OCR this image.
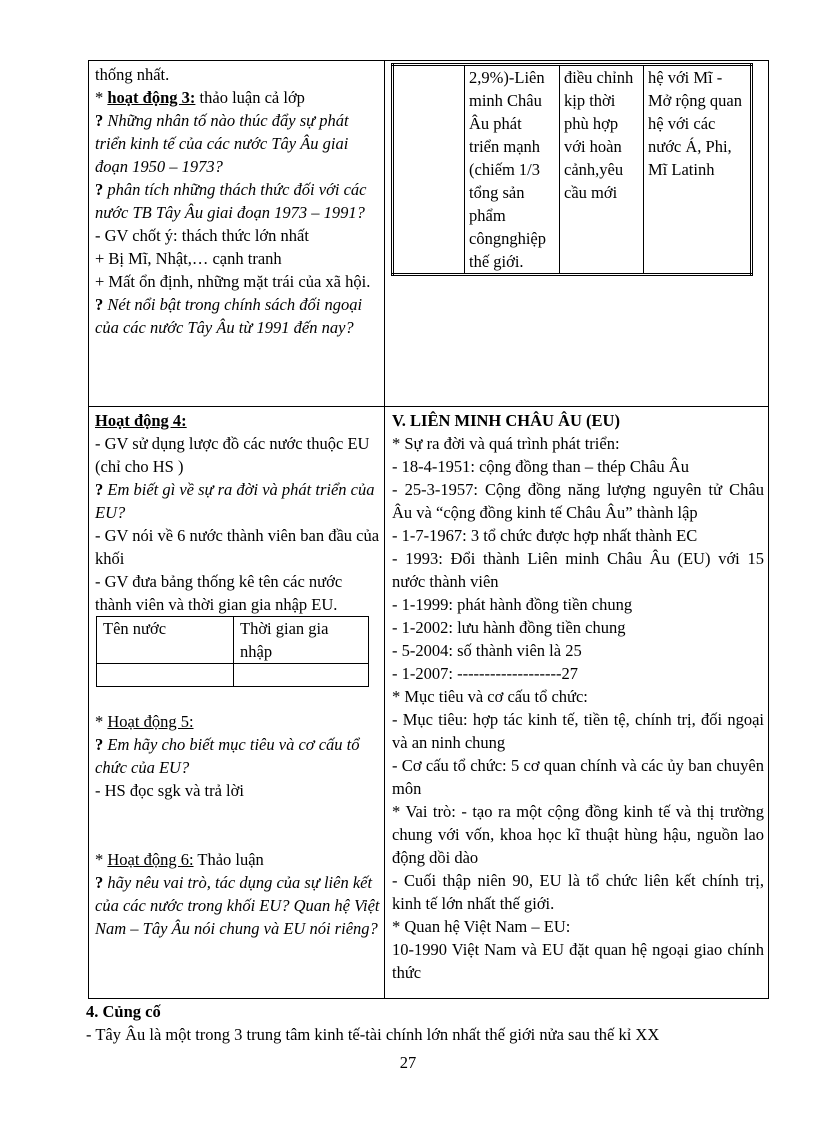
thống nhất.

* hoạt động 3: thảo luận cả lớp

? Những nhân tố nào thúc đẩy sự phát triển kinh tế của các nước Tây Âu giai đoạn 1950 – 1973?

? phân tích những thách thức đối với các nước TB Tây Âu giai đoạn 1973 – 1991?

- GV chốt ý: thách thức lớn nhất

+ Bị Mĩ, Nhật,… cạnh tranh

+ Mất ổn định, những mặt trái của xã hội.

? Nét nổi bật trong chính sách đối ngoại của các nước Tây Âu từ 1991 đến nay?

	2,9%)-Liên minh Châu Âu phát triển mạnh (chiếm 1/3 tổng sản phẩm côngnghiệp thế giới.	điều chỉnh kịp thời phù hợp với hoàn cảnh,yêu cầu mới	hệ với Mĩ - Mở rộng quan hệ với các nước Á, Phi, Mĩ Latinh

Hoạt động 4:

- GV sử dụng lược đồ các nước thuộc EU (chỉ cho HS )

? Em biết gì về sự ra đời và phát triển của EU?

- GV nói về 6 nước thành viên ban đầu của khối

- GV đưa bảng thống kê tên các nước thành viên và thời gian gia nhập EU.

Tên nước	Thời gian gia nhập

* Hoạt động 5:

? Em hãy cho biết mục tiêu và cơ cấu tổ chức của EU?

- HS đọc sgk và trả lời

* Hoạt động 6: Thảo luận

? hãy nêu vai trò, tác dụng của sự liên kết của các nước trong khối EU? Quan hệ Việt Nam – Tây Âu nói chung và EU nói riêng?

V. LIÊN MINH CHÂU ÂU (EU)

* Sự ra đời và quá trình phát triển:

- 18-4-1951: cộng đồng than – thép Châu Âu

- 25-3-1957: Cộng đồng năng lượng nguyên tử Châu Âu và “cộng đồng kinh tế Châu Âu” thành lập

- 1-7-1967: 3 tổ chức được hợp nhất thành EC

- 1993: Đổi thành Liên minh Châu Âu (EU) với 15 nước thành viên

- 1-1999: phát hành đồng tiền chung

- 1-2002: lưu hành đồng tiền chung

- 5-2004: số thành viên là 25

- 1-2007: -------------------27

* Mục tiêu và cơ cấu tổ chức:

- Mục tiêu: hợp tác kinh tế, tiền tệ, chính trị, đối ngoại và an ninh chung

- Cơ cấu tổ chức: 5 cơ quan chính và các ủy ban chuyên môn

* Vai trò: - tạo ra một cộng đồng kinh tế và thị trường chung với vốn, khoa học kĩ thuật hùng hậu, nguồn lao động dồi dào

- Cuối thập niên 90, EU là tổ chức liên kết chính trị, kinh tế lớn nhất thế giới.

* Quan hệ Việt Nam – EU:

10-1990 Việt Nam và EU đặt quan hệ ngoại giao chính thức

4. Củng cố

- Tây Âu là một trong 3 trung tâm kinh tế-tài chính lớn nhất thế giới nửa sau thế kỉ XX

27
